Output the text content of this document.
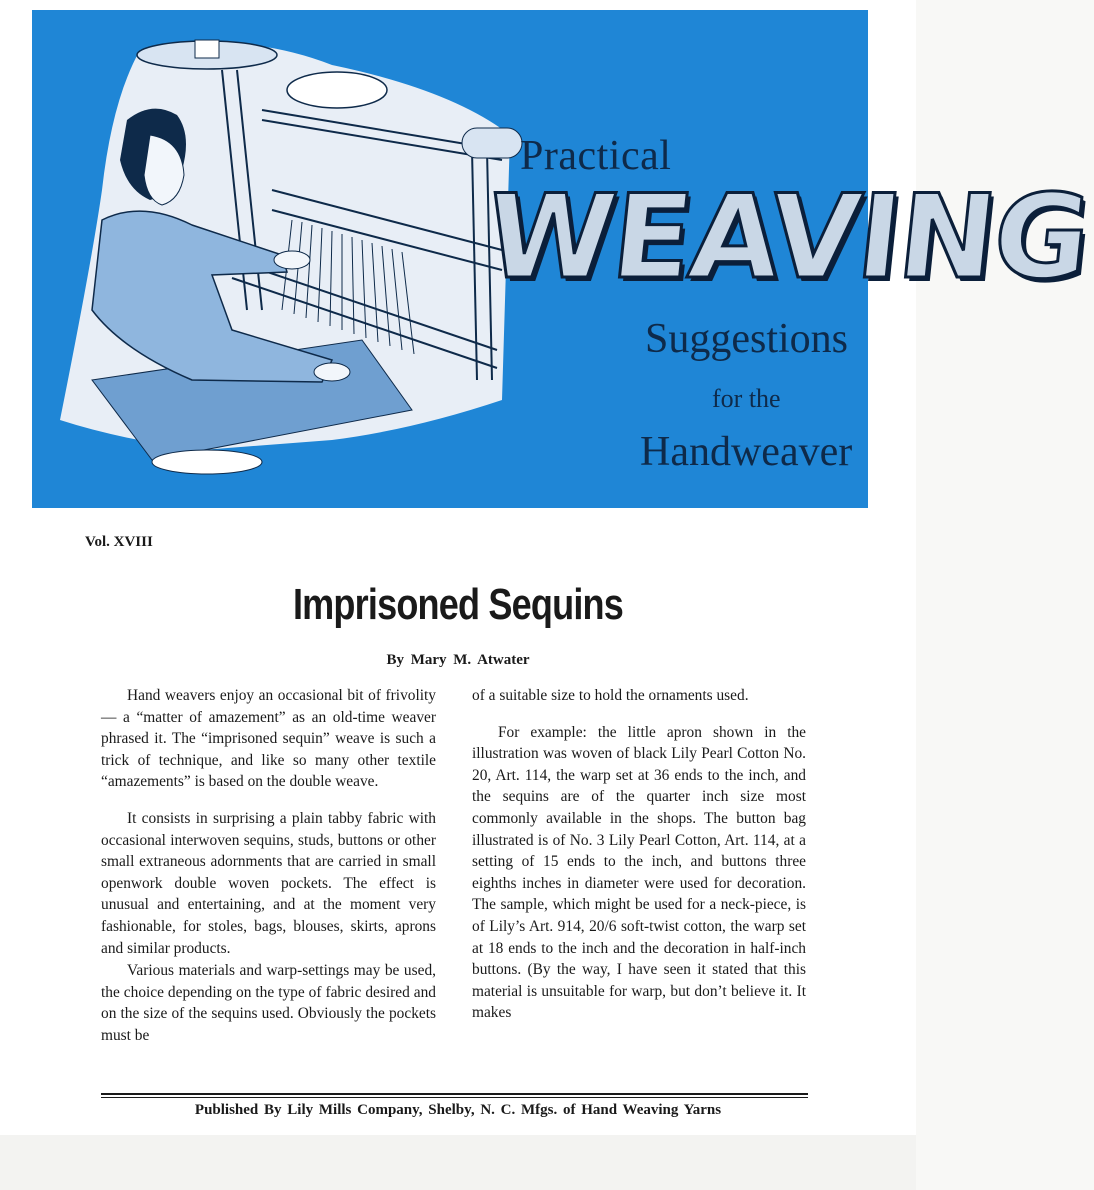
Practical
WEAVING
Suggestions
for the
Handweaver
Vol. XVIII
Imprisoned Sequins
By Mary M. Atwater

Hand weavers enjoy an occasional bit of frivolity — a “matter of amazement” as an old-time weaver phrased it. The “imprisoned sequin” weave is such a trick of technique, and like so many other textile “amazements” is based on the double weave.

It consists in surprising a plain tabby fabric with occasional interwoven sequins, studs, buttons or other small extraneous adornments that are carried in small openwork double woven pockets. The effect is unusual and entertaining, and at the moment very fashionable, for stoles, bags, blouses, skirts, aprons and similar products.

Various materials and warp-settings may be used, the choice depending on the type of fabric desired and on the size of the sequins used. Obviously the pockets must be

of a suitable size to hold the ornaments used.

For example: the little apron shown in the illustration was woven of black Lily Pearl Cotton No. 20, Art. 114, the warp set at 36 ends to the inch, and the sequins are of the quarter inch size most commonly available in the shops. The button bag illustrated is of No. 3 Lily Pearl Cotton, Art. 114, at a setting of 15 ends to the inch, and buttons three eighths inches in diameter were used for decoration. The sample, which might be used for a neck-piece, is of Lily’s Art. 914, 20/6 soft-twist cotton, the warp set at 18 ends to the inch and the decoration in half-inch buttons. (By the way, I have seen it stated that this material is unsuitable for warp, but don’t believe it. It makes

Published By Lily Mills Company, Shelby, N. C. Mfgs. of Hand Weaving Yarns
